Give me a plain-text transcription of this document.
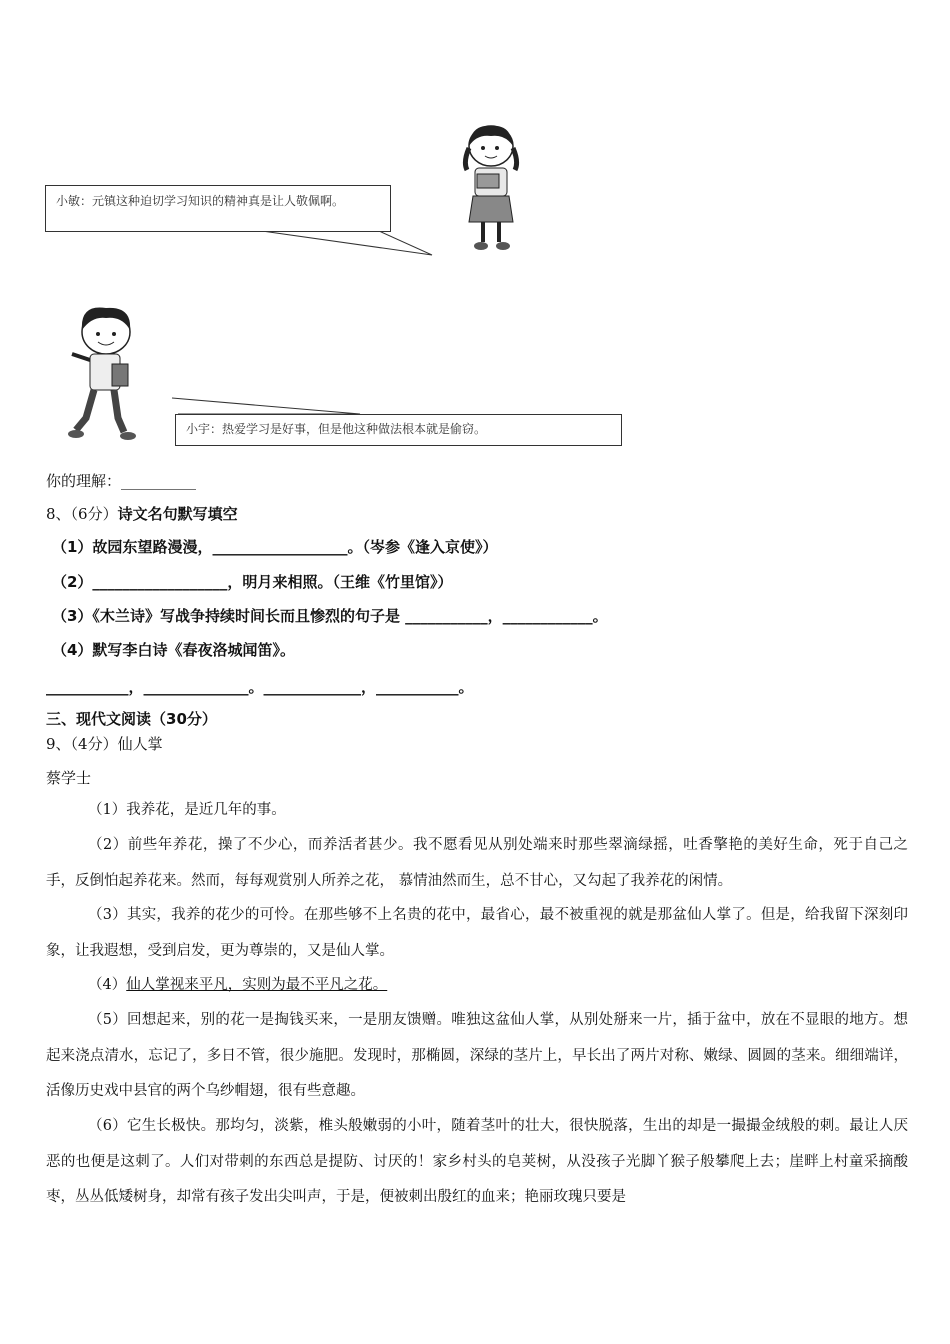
小敏：元镇这种迫切学习知识的精神真是让人敬佩啊。
小宇：热爱学习是好事，但是他这种做法根本就是偷窃。
你的理解：__________
8、（6分）诗文名句默写填空
（1）故园东望路漫漫，__________________。（岑参《逢入京使》）
（2）__________________，明月来相照。（王维《竹里馆》）
（3）《木兰诗》写战争持续时间长而且惨烈的句子是 ___________，____________。
（4）默写李白诗《春夜洛城闻笛》。
___________，______________。_____________，___________。
三、现代文阅读（30分）
9、（4分）仙人掌
蔡学士
（1）我养花，是近几年的事。
（2）前些年养花，操了不少心，而养活者甚少。我不愿看见从别处端来时那些翠滴绿摇，吐香擎艳的美好生命，死于自己之手，反倒怕起养花来。然而，每每观赏别人所养之花， 慕情油然而生，总不甘心，又勾起了我养花的闲情。
（3）其实，我养的花少的可怜。在那些够不上名贵的花中，最省心，最不被重视的就是那盆仙人掌了。但是，给我留下深刻印象，让我遐想，受到启发，更为尊崇的，又是仙人掌。
（4）仙人掌视来平凡，实则为最不平凡之花。
（5）回想起来，别的花一是掏钱买来，一是朋友馈赠。唯独这盆仙人掌，从别处掰来一片，插于盆中，放在不显眼的地方。想起来浇点清水，忘记了，多日不管，很少施肥。发现时，那椭圆，深绿的茎片上，早长出了两片对称、嫩绿、圆圆的茎来。细细端详，活像历史戏中县官的两个乌纱帽翅，很有些意趣。
（6）它生长极快。那均匀，淡紫，椎头般嫩弱的小叶，随着茎叶的壮大，很快脱落，生出的却是一撮撮金绒般的刺。最让人厌恶的也便是这刺了。人们对带刺的东西总是提防、讨厌的！家乡村头的皂荚树，从没孩子光脚丫猴子般攀爬上去；崖畔上村童采摘酸枣，丛丛低矮树身，却常有孩子发出尖叫声，于是，便被刺出殷红的血来；艳丽玫瑰只要是
